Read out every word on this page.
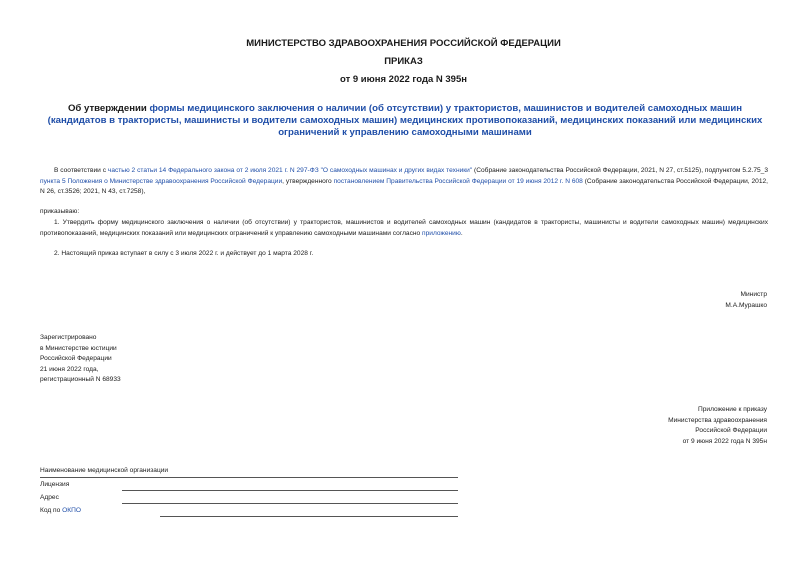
МИНИСТЕРСТВО ЗДРАВООХРАНЕНИЯ РОССИЙСКОЙ ФЕДЕРАЦИИ
ПРИКАЗ
от 9 июня 2022 года N 395н
Об утверждении формы медицинского заключения о наличии (об отсутствии) у трактористов, машинистов и водителей самоходных машин (кандидатов в трактористы, машинисты и водители самоходных машин) медицинских противопоказаний, медицинских показаний или медицинских ограничений к управлению самоходными машинами
В соответствии с частью 2 статьи 14 Федерального закона от 2 июля 2021 г. N 297-ФЗ "О самоходных машинах и других видах техники" (Собрание законодательства Российской Федерации, 2021, N 27, ст.5125), подпунктом 5.2.75_3 пункта 5 Положения о Министерстве здравоохранения Российской Федерации, утвержденного постановлением Правительства Российской Федерации от 19 июня 2012 г. N 608 (Собрание законодательства Российской Федерации, 2012, N 26, ст.3526; 2021, N 43, ст.7258),
приказываю:
1. Утвердить форму медицинского заключения о наличии (об отсутствии) у трактористов, машинистов и водителей самоходных машин (кандидатов в трактористы, машинисты и водители самоходных машин) медицинских противопоказаний, медицинских показаний или медицинских ограничений к управлению самоходными машинами согласно приложению.
2. Настоящий приказ вступает в силу с 3 июля 2022 г. и действует до 1 марта 2028 г.
Министр
М.А.Мурашко
Зарегистрировано
в Министерстве юстиции
Российской Федерации
21 июня 2022 года,
регистрационный N 68933
Приложение к приказу
Министерства здравоохранения
Российской Федерации
от 9 июня 2022 года N 395н
Наименование медицинской организации
Лицензия
Адрес
Код по ОКПО
